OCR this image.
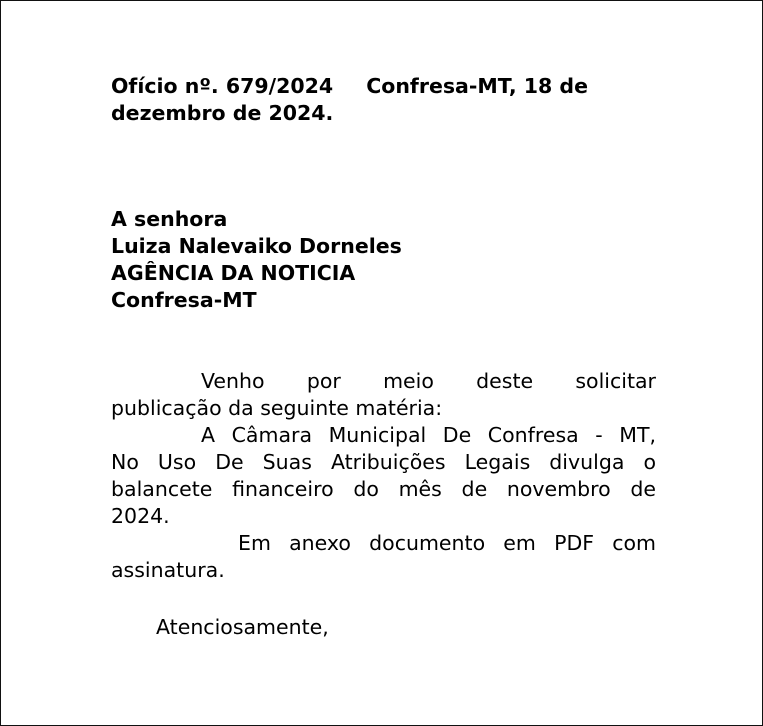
Ofício nº. 679/2024 Confresa-MT, 18 de
dezembro de 2024.
A senhora
Luiza Nalevaiko Dorneles
AGÊNCIA DA NOTICIA
Confresa-MT
Venho por meio deste solicitar
publicação da seguinte matéria:
A Câmara Municipal De Confresa - MT,
No Uso De Suas Atribuições Legais divulga o
balancete financeiro do mês de novembro de
2024.
Em anexo documento em PDF com
assinatura.
Atenciosamente,
